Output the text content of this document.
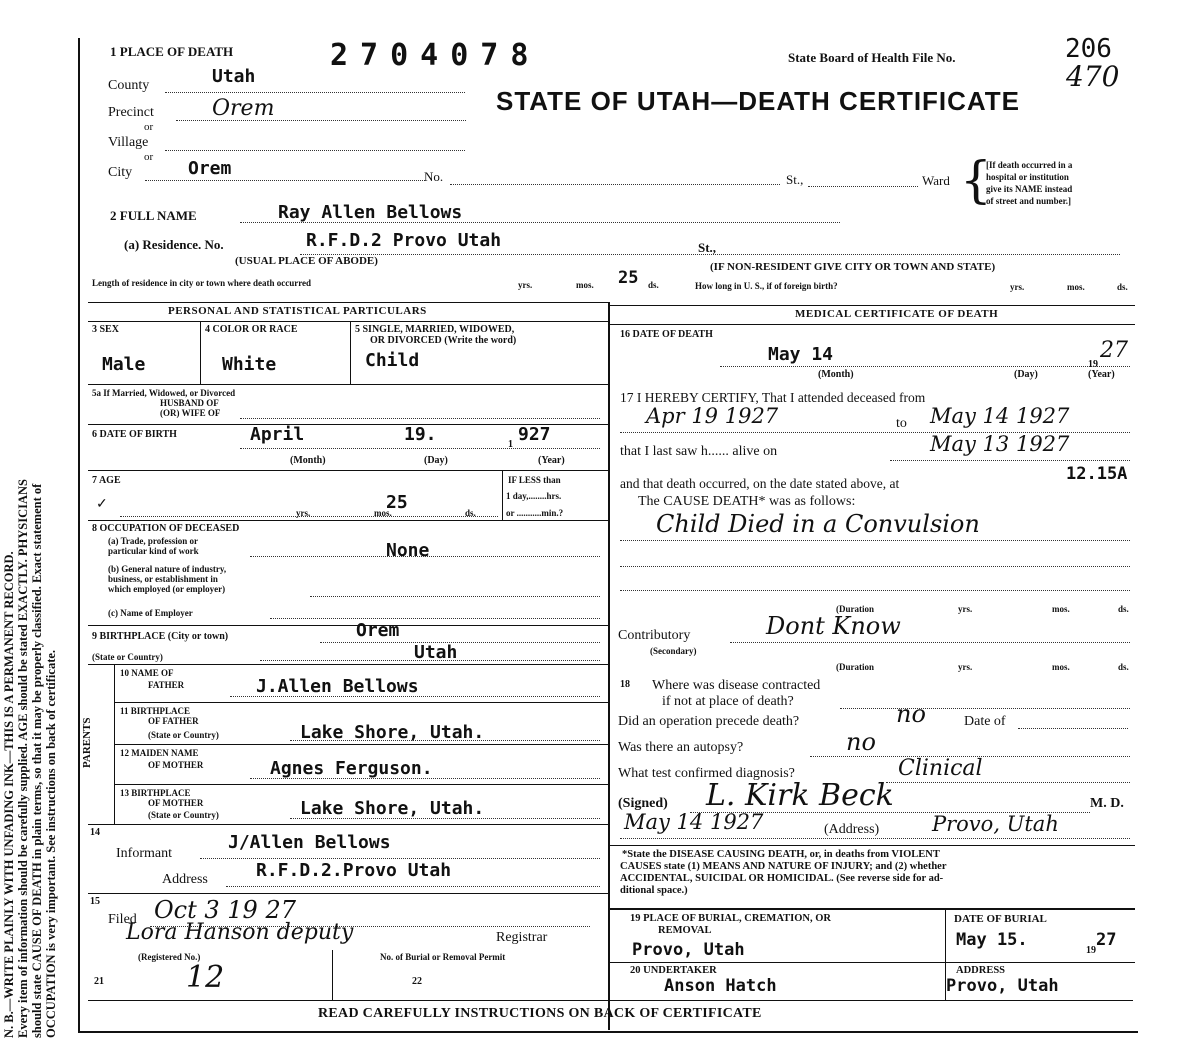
N. B.—WRITE PLAINLY WITH UNFADING INK—THIS IS A PERMANENT RECORD. Every item of information should be carefully supplied. AGE should be stated EXACTLY. PHYSICIANS should state CAUSE OF DEATH in plain terms, so that it may be properly classified. Exact statement of OCCUPATION is very important. See instructions on back of certificate.
1 PLACE OF DEATH	2704078	State Board of Health File No.	206
470
STATE OF UTAH—DEATH CERTIFICATE
County	Utah
Precinct	Orem
or
Village
or
City	Orem	No.	St.,	Ward {
[If death occurred in a
hospital or institution
give its NAME instead
of street and number.]
2 FULL NAME	Ray Allen Bellows
(a) Residence. No.	R.F.D.2 Provo Utah	St.,
(USUAL PLACE OF ABODE)	(IF NON-RESIDENT GIVE CITY OR TOWN AND STATE)
Length of residence in city or town where death occurred	yrs.	mos. 25 ds.	How long in U. S., if of foreign birth?	yrs.	mos.	ds.
PERSONAL AND STATISTICAL PARTICULARS
3 SEX
Male
4 COLOR OR RACE
White
5 SINGLE, MARRIED, WIDOWED,
OR DIVORCED (Write the word)
Child
5a If Married, Widowed, or Divorced
HUSBAND OF
(OR) WIFE OF
6 DATE OF BIRTH	April	19.	1 927
(Month)	(Day)	(Year)
7 AGE
✓
yrs.	mos.
25	ds.
IF LESS than
1 day,........hrs.
or ...........min.?
8 OCCUPATION OF DECEASED
(a) Trade, profession or
particular kind of work	None
(b) General nature of industry,
business, or establishment in
which employed (or employer)
(c) Name of Employer
9 BIRTHPLACE (City or town)	Orem
(State or Country)	Utah
PARENTS
10 NAME OF
FATHER	J.Allen Bellows
11 BIRTHPLACE
OF FATHER
(State or Country)	Lake Shore, Utah.
12 MAIDEN NAME
OF MOTHER	Agnes Ferguson.
13 BIRTHPLACE
OF MOTHER
(State or Country)	Lake Shore, Utah.
14
Informant
J/Allen Bellows
Address	R.F.D.2.Provo Utah
15
Filed Oct 3 19 27
Lora Hanson deputy	Registrar
(Registered No.)	No. of Burial or Removal Permit
21	12	22
MEDICAL CERTIFICATE OF DEATH
16 DATE OF DEATH
May 14	19
27
(Month)	(Day)	(Year)
17 I HEREBY CERTIFY, That I attended deceased from
Apr 19 1927	to May 14 1927
that I last saw h...... alive on	May 13 1927
and that death occurred, on the date stated above, at	12.15A
The CAUSE DEATH* was as follows:
Child Died in a Convulsion
(Duration	yrs.	mos.	ds.
Contributory
(Secondary)
Dont Know
(Duration	yrs.	mos.	ds.
18 Where was disease contracted
if not at place of death?
Did an operation precede death?	no	Date of
Was there an autopsy?	no
What test confirmed diagnosis?	Clinical
(Signed) L. Kirk Beck	M. D.
May 14 1927	(Address)	Provo, Utah
*State the DISEASE CAUSING DEATH, or, in deaths from VIOLENT
CAUSES state (1) MEANS AND NATURE OF INJURY; and (2) whether
ACCIDENTAL, SUICIDAL OR HOMICIDAL. (See reverse side for ad-
ditional space.)
19 PLACE OF BURIAL, CREMATION, OR
REMOVAL
Provo, Utah
DATE OF BURIAL
May 15.
19
27
20 UNDERTAKER
Anson Hatch
ADDRESS
Provo, Utah
READ CAREFULLY INSTRUCTIONS ON BACK OF CERTIFICATE
